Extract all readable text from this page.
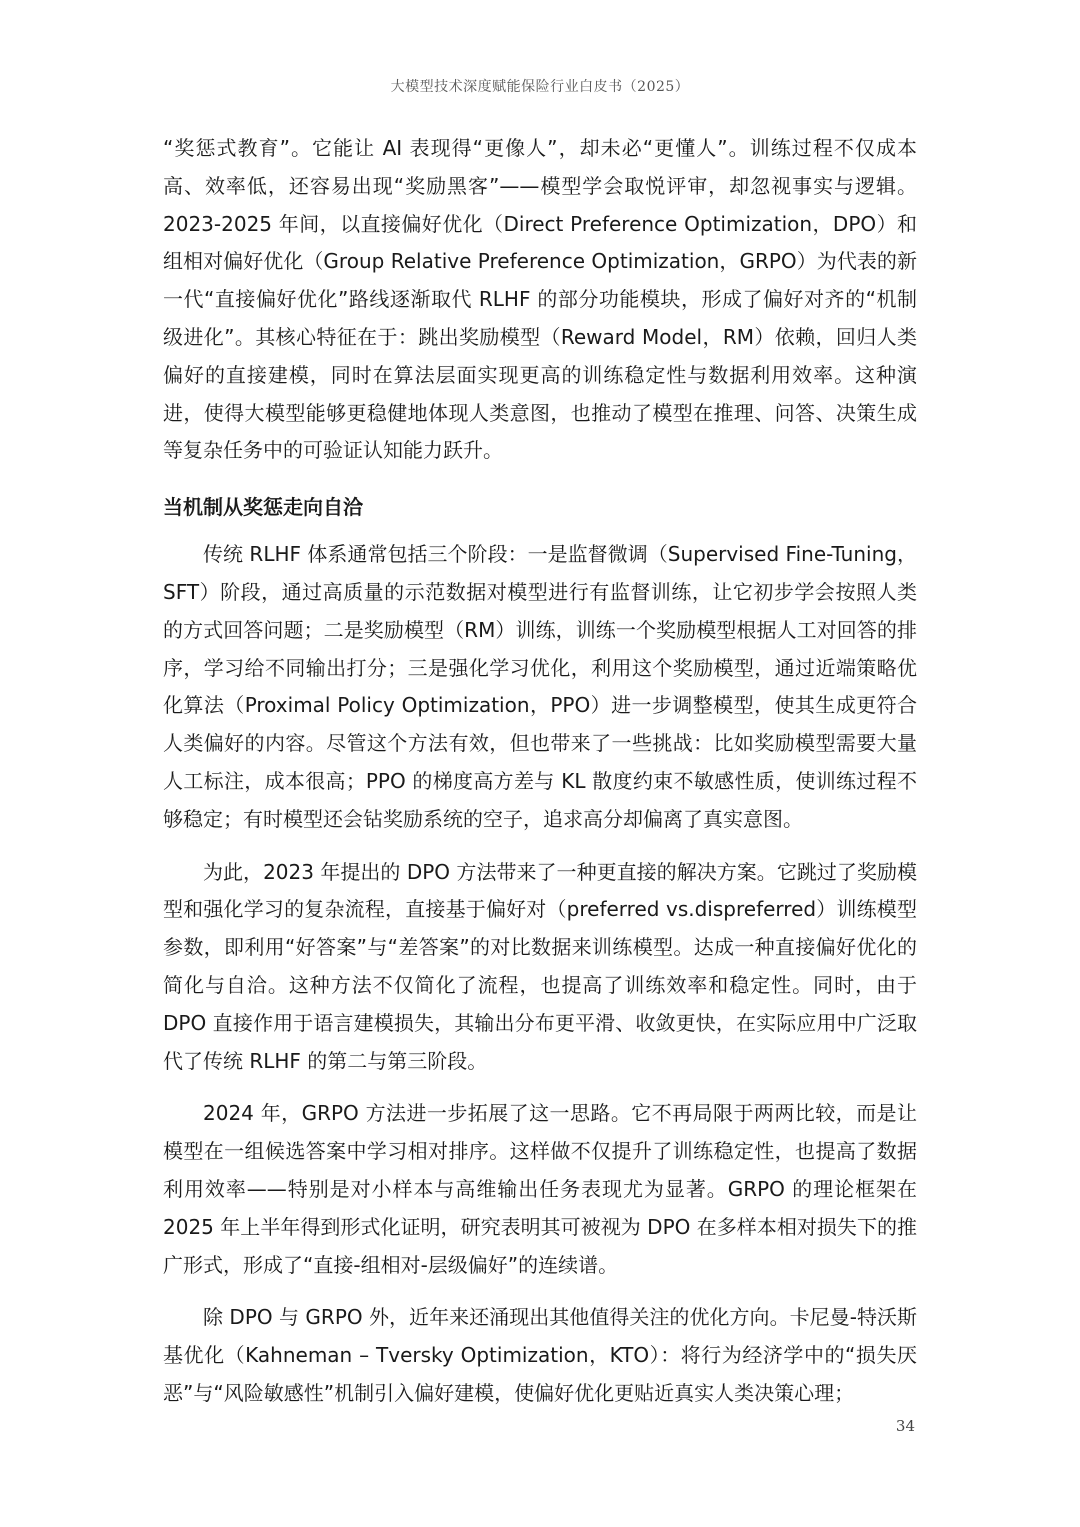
大模型技术深度赋能保险行业白皮书（2025）

“奖惩式教育”。它能让 AI 表现得“更像人”，却未必“更懂人”。训练过程不仅成本高、效率低，还容易出现“奖励黑客”——模型学会取悦评审，却忽视事实与逻辑。2023-2025 年间，以直接偏好优化（Direct Preference Optimization，DPO）和组相对偏好优化（Group Relative Preference Optimization，GRPO）为代表的新一代“直接偏好优化”路线逐渐取代 RLHF 的部分功能模块，形成了偏好对齐的“机制级进化”。其核心特征在于：跳出奖励模型（Reward Model，RM）依赖，回归人类偏好的直接建模，同时在算法层面实现更高的训练稳定性与数据利用效率。这种演进，使得大模型能够更稳健地体现人类意图，也推动了模型在推理、问答、决策生成等复杂任务中的可验证认知能力跃升。

当机制从奖惩走向自洽

传统 RLHF 体系通常包括三个阶段：一是监督微调（Supervised Fine-Tuning，SFT）阶段，通过高质量的示范数据对模型进行有监督训练，让它初步学会按照人类的方式回答问题；二是奖励模型（RM）训练，训练一个奖励模型根据人工对回答的排序，学习给不同输出打分；三是强化学习优化，利用这个奖励模型，通过近端策略优化算法（Proximal Policy Optimization，PPO）进一步调整模型，使其生成更符合人类偏好的内容。尽管这个方法有效，但也带来了一些挑战：比如奖励模型需要大量人工标注，成本很高；PPO 的梯度高方差与 KL 散度约束不敏感性质，使训练过程不够稳定；有时模型还会钻奖励系统的空子，追求高分却偏离了真实意图。

为此，2023 年提出的 DPO 方法带来了一种更直接的解决方案。它跳过了奖励模型和强化学习的复杂流程，直接基于偏好对（preferred vs.dispreferred）训练模型参数，即利用“好答案”与“差答案”的对比数据来训练模型。达成一种直接偏好优化的简化与自洽。这种方法不仅简化了流程，也提高了训练效率和稳定性。同时，由于 DPO 直接作用于语言建模损失，其输出分布更平滑、收敛更快，在实际应用中广泛取代了传统 RLHF 的第二与第三阶段。

2024 年，GRPO 方法进一步拓展了这一思路。它不再局限于两两比较，而是让模型在一组候选答案中学习相对排序。这样做不仅提升了训练稳定性，也提高了数据利用效率——特别是对小样本与高维输出任务表现尤为显著。GRPO 的理论框架在 2025 年上半年得到形式化证明，研究表明其可被视为 DPO 在多样本相对损失下的推广形式，形成了“直接-组相对-层级偏好”的连续谱。

除 DPO 与 GRPO 外，近年来还涌现出其他值得关注的优化方向。卡尼曼-特沃斯基优化（Kahneman – Tversky Optimization，KTO）：将行为经济学中的“损失厌恶”与“风险敏感性”机制引入偏好建模，使偏好优化更贴近真实人类决策心理；

34
